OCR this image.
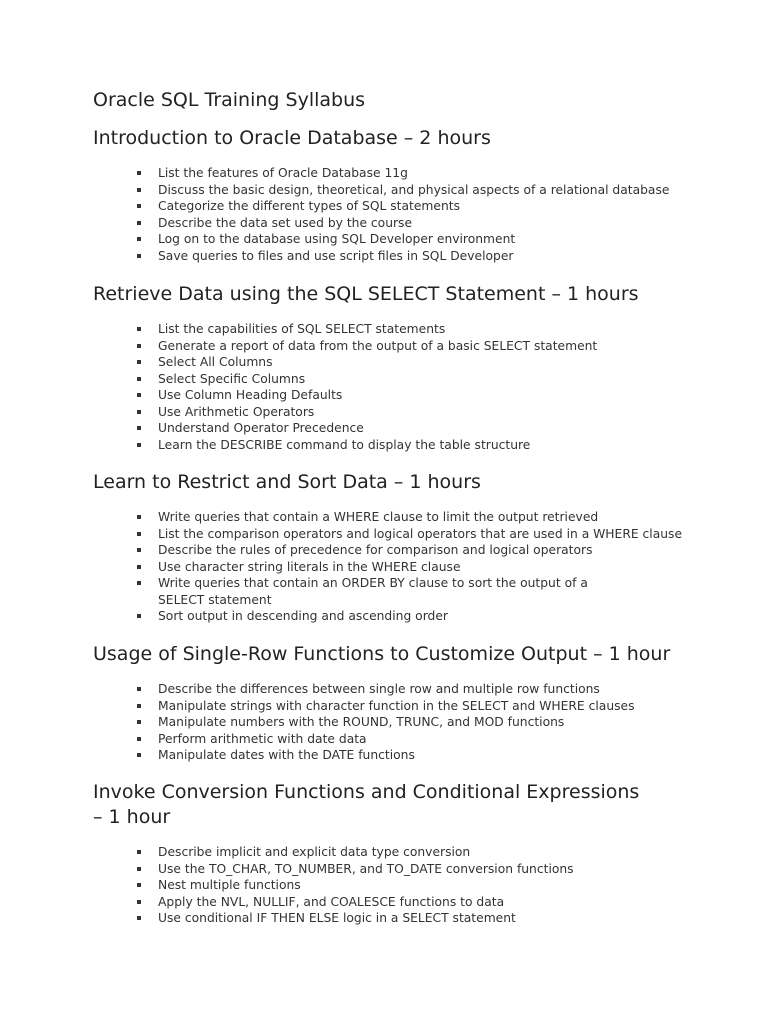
Oracle SQL Training Syllabus
Introduction to Oracle Database – 2 hours
List the features of Oracle Database 11g
Discuss the basic design, theoretical, and physical aspects of a relational database
Categorize the different types of SQL statements
Describe the data set used by the course
Log on to the database using SQL Developer environment
Save queries to files and use script files in SQL Developer
Retrieve Data using the SQL SELECT Statement – 1 hours
List the capabilities of SQL SELECT statements
Generate a report of data from the output of a basic SELECT statement
Select All Columns
Select Specific Columns
Use Column Heading Defaults
Use Arithmetic Operators
Understand Operator Precedence
Learn the DESCRIBE command to display the table structure
Learn to Restrict and Sort Data – 1 hours
Write queries that contain a WHERE clause to limit the output retrieved
List the comparison operators and logical operators that are used in a WHERE clause
Describe the rules of precedence for comparison and logical operators
Use character string literals in the WHERE clause
Write queries that contain an ORDER BY clause to sort the output of a SELECT statement
Sort output in descending and ascending order
Usage of Single-Row Functions to Customize Output – 1 hour
Describe the differences between single row and multiple row functions
Manipulate strings with character function in the SELECT and WHERE clauses
Manipulate numbers with the ROUND, TRUNC, and MOD functions
Perform arithmetic with date data
Manipulate dates with the DATE functions
Invoke Conversion Functions and Conditional Expressions – 1 hour
Describe implicit and explicit data type conversion
Use the TO_CHAR, TO_NUMBER, and TO_DATE conversion functions
Nest multiple functions
Apply the NVL, NULLIF, and COALESCE functions to data
Use conditional IF THEN ELSE logic in a SELECT statement
